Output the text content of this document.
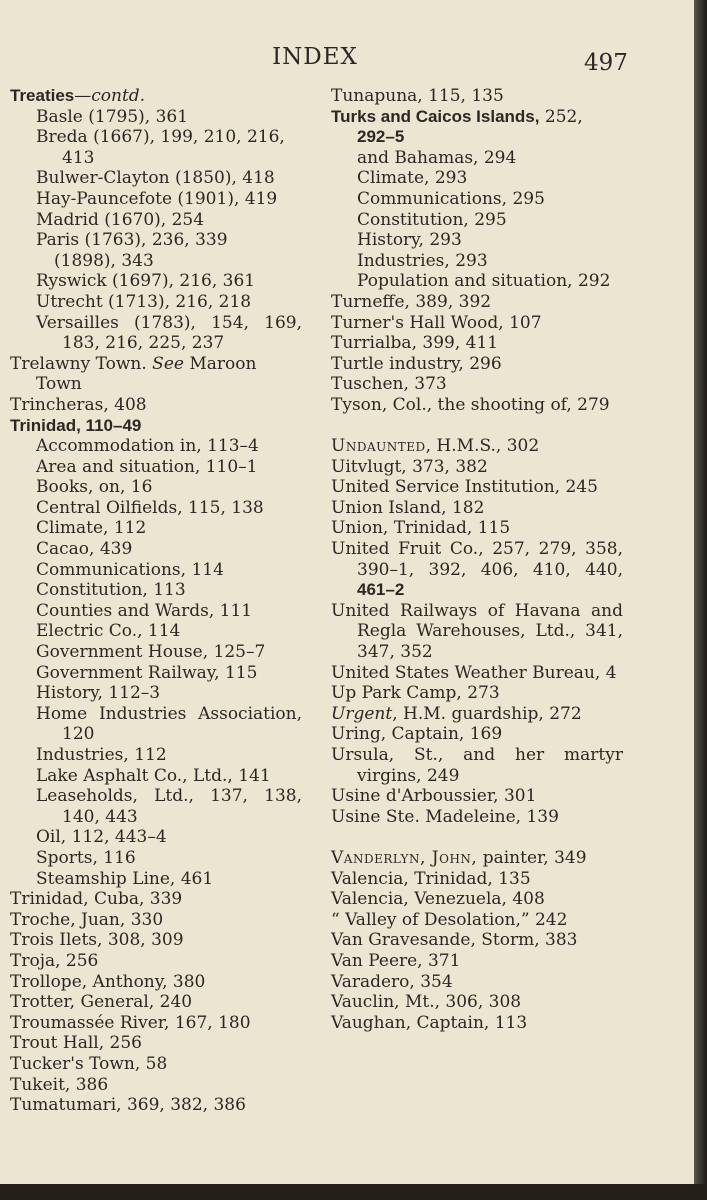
INDEX	497
Treaties—contd.
Basle (1795), 361
Breda (1667), 199, 210, 216, 413
Bulwer-Clayton (1850), 418
Hay-Pauncefote (1901), 419
Madrid (1670), 254
Paris (1763), 236, 339
(1898), 343
Ryswick (1697), 216, 361
Utrecht (1713), 216, 218
Versailles (1783), 154, 169, 183, 216, 225, 237
Trelawny Town. See Maroon Town
Trincheras, 408
Trinidad, 110–49
Accommodation in, 113–4
Area and situation, 110–1
Books, on, 16
Central Oilfields, 115, 138
Climate, 112
Cacao, 439
Communications, 114
Constitution, 113
Counties and Wards, 111
Electric Co., 114
Government House, 125–7
Government Railway, 115
History, 112–3
Home Industries Association, 120
Industries, 112
Lake Asphalt Co., Ltd., 141
Leaseholds, Ltd., 137, 138, 140, 443
Oil, 112, 443–4
Sports, 116
Steamship Line, 461
Trinidad, Cuba, 339
Troche, Juan, 330
Trois Ilets, 308, 309
Troja, 256
Trollope, Anthony, 380
Trotter, General, 240
Troumassée River, 167, 180
Trout Hall, 256
Tucker's Town, 58
Tukeit, 386
Tumatumari, 369, 382, 386
Tunapuna, 115, 135
Turks and Caicos Islands, 252, 292–5
and Bahamas, 294
Climate, 293
Communications, 295
Constitution, 295
History, 293
Industries, 293
Population and situation, 292
Turneffe, 389, 392
Turner's Hall Wood, 107
Turrialba, 399, 411
Turtle industry, 296
Tuschen, 373
Tyson, Col., the shooting of, 279
Undaunted, H.M.S., 302
Uitvlugt, 373, 382
United Service Institution, 245
Union Island, 182
Union, Trinidad, 115
United Fruit Co., 257, 279, 358, 390–1, 392, 406, 410, 440, 461–2
United Railways of Havana and Regla Warehouses, Ltd., 341, 347, 352
United States Weather Bureau, 4
Up Park Camp, 273
Urgent, H.M. guardship, 272
Uring, Captain, 169
Ursula, St., and her martyr virgins, 249
Usine d'Arboussier, 301
Usine Ste. Madeleine, 139
Vanderlyn, John, painter, 349
Valencia, Trinidad, 135
Valencia, Venezuela, 408
“ Valley of Desolation,” 242
Van Gravesande, Storm, 383
Van Peere, 371
Varadero, 354
Vauclin, Mt., 306, 308
Vaughan, Captain, 113
